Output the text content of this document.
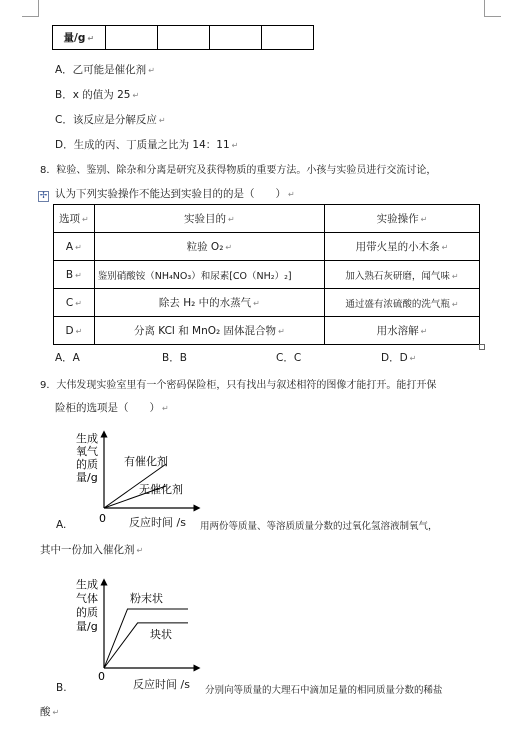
量/g ↵				
A．乙可能是催化剂 ↵
B．x 的值为 25 ↵
C．该反应是分解反应 ↵
D．生成的丙、丁质量之比为 14：11 ↵
8．粒验、鉴别、除杂和分离是研究及获得物质的重要方法。小孩与实验员进行交流讨论，
✢ 认为下列实验操作不能达到实验目的的是（　　） ↵
选项 ↵	实验目的 ↵	实验操作 ↵
A ↵	粒验 O₂ ↵	用带火星的小木条 ↵
B ↵	鉴别硝酸铵（NH₄NO₃）和尿素[CO（NH₂）₂]	加入熟石灰研磨，闻气味 ↵
C ↵	除去 H₂ 中的水蒸气 ↵	通过盛有浓硫酸的洗气瓶 ↵
D ↵	分离 KCl 和 MnO₂ 固体混合物 ↵	用水溶解 ↵
A．A	B．B	C．C	D．D ↵
9．大伟发现实验室里有一个密码保险柜，只有找出与叙述相符的图像才能打开。能打开保
险柜的选项是（　　） ↵
生成
氧气
的质
量/g
有催化剂
无催化剂
0
A.	反应时间 /s 用两份等质量、等溶质质量分数的过氧化氢溶液制氧气，
其中一份加入催化剂 ↵
生成
气体
的质
量/g
粉末状
块状
0
B.	反应时间 /s 分别向等质量的大理石中滴加足量的相同质量分数的稀盐
酸 ↵
